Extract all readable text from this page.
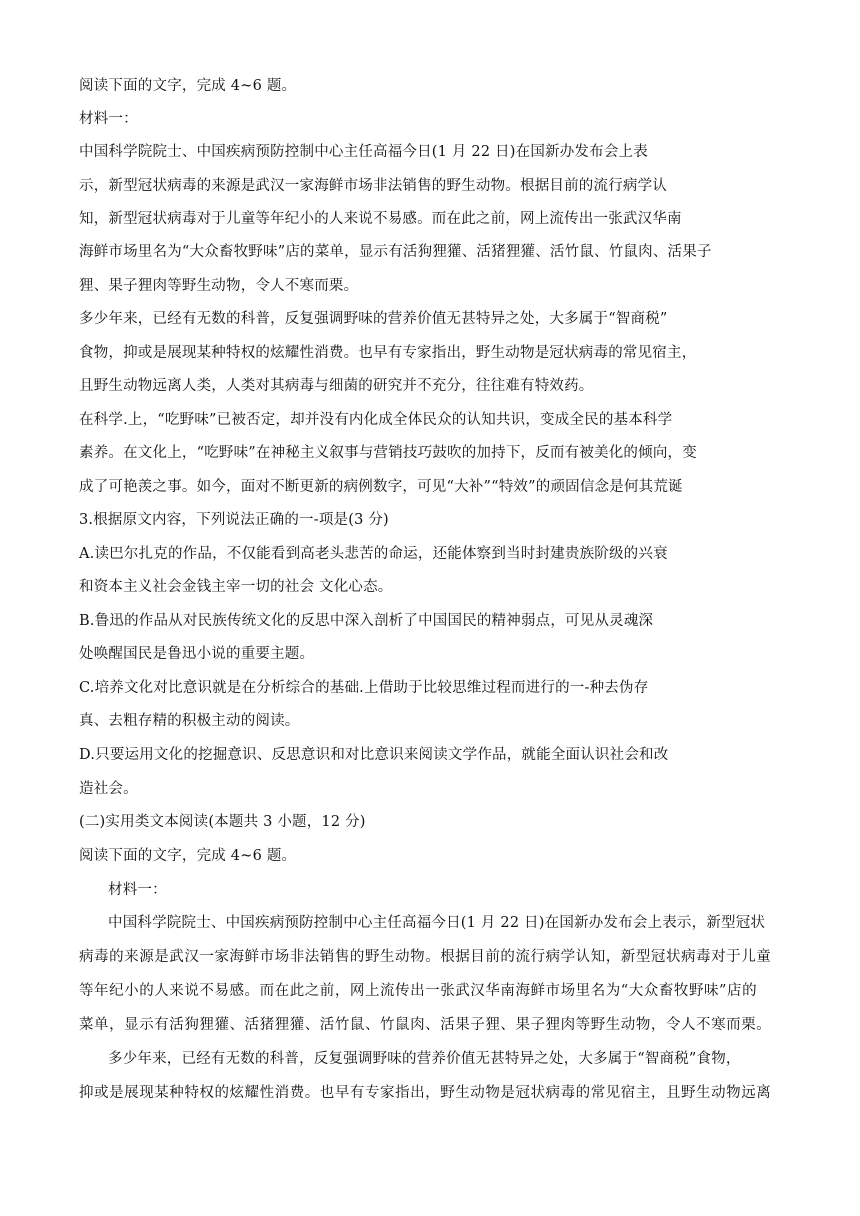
阅读下面的文字，完成 4~6 题。
材料一：
中国科学院院士、中国疾病预防控制中心主任高福今日(1 月 22 日)在国新办发布会上表
示，新型冠状病毒的来源是武汉一家海鲜市场非法销售的野生动物。根据目前的流行病学认
知，新型冠状病毒对于儿童等年纪小的人来说不易感。而在此之前，网上流传出一张武汉华南
海鲜市场里名为“大众畜牧野味”店的菜单，显示有活狗狸獾、活猪狸獾、活竹鼠、竹鼠肉、活果子
狸、果子狸肉等野生动物，令人不寒而栗。
多少年来，已经有无数的科普，反复强调野味的营养价值无甚特异之处，大多属于“智商税”
食物，抑或是展现某种特权的炫耀性消费。也早有专家指出，野生动物是冠状病毒的常见宿主，
且野生动物远离人类，人类对其病毒与细菌的研究并不充分，往往难有特效药。
在科学.上，“吃野味”已被否定，却并没有内化成全体民众的认知共识，变成全民的基本科学
素养。在文化上，“吃野味”在神秘主义叙事与营销技巧鼓吹的加持下，反而有被美化的倾向，变
成了可艳羡之事。如今，面对不断更新的病例数字，可见“大补”“特效”的顽固信念是何其荒诞
3.根据原文内容，下列说法正确的一-项是(3 分)
A.读巴尔扎克的作品，不仅能看到高老头悲苦的命运，还能体察到当时封建贵族阶级的兴衰
和资本主义社会金钱主宰一切的社会 文化心态。
B.鲁迅的作品从对民族传统文化的反思中深入剖析了中国国民的精神弱点，可见从灵魂深
处唤醒国民是鲁迅小说的重要主题。
C.培养文化对比意识就是在分析综合的基础.上借助于比较思维过程而进行的一-种去伪存
真、去粗存精的积极主动的阅读。
D.只要运用文化的挖掘意识、反思意识和对比意识来阅读文学作品，就能全面认识社会和改
造社会。
(二)实用类文本阅读(本题共 3 小题，12 分)
阅读下面的文字，完成 4~6 题。
材料一：
中国科学院院士、中国疾病预防控制中心主任高福今日(1 月 22 日)在国新办发布会上表示，新型冠状
病毒的来源是武汉一家海鲜市场非法销售的野生动物。根据目前的流行病学认知，新型冠状病毒对于儿童
等年纪小的人来说不易感。而在此之前，网上流传出一张武汉华南海鲜市场里名为“大众畜牧野味”店的
菜单，显示有活狗狸獾、活猪狸獾、活竹鼠、竹鼠肉、活果子狸、果子狸肉等野生动物，令人不寒而栗。
多少年来，已经有无数的科普，反复强调野味的营养价值无甚特异之处，大多属于“智商税”食物，
抑或是展现某种特权的炫耀性消费。也早有专家指出，野生动物是冠状病毒的常见宿主，且野生动物远离
